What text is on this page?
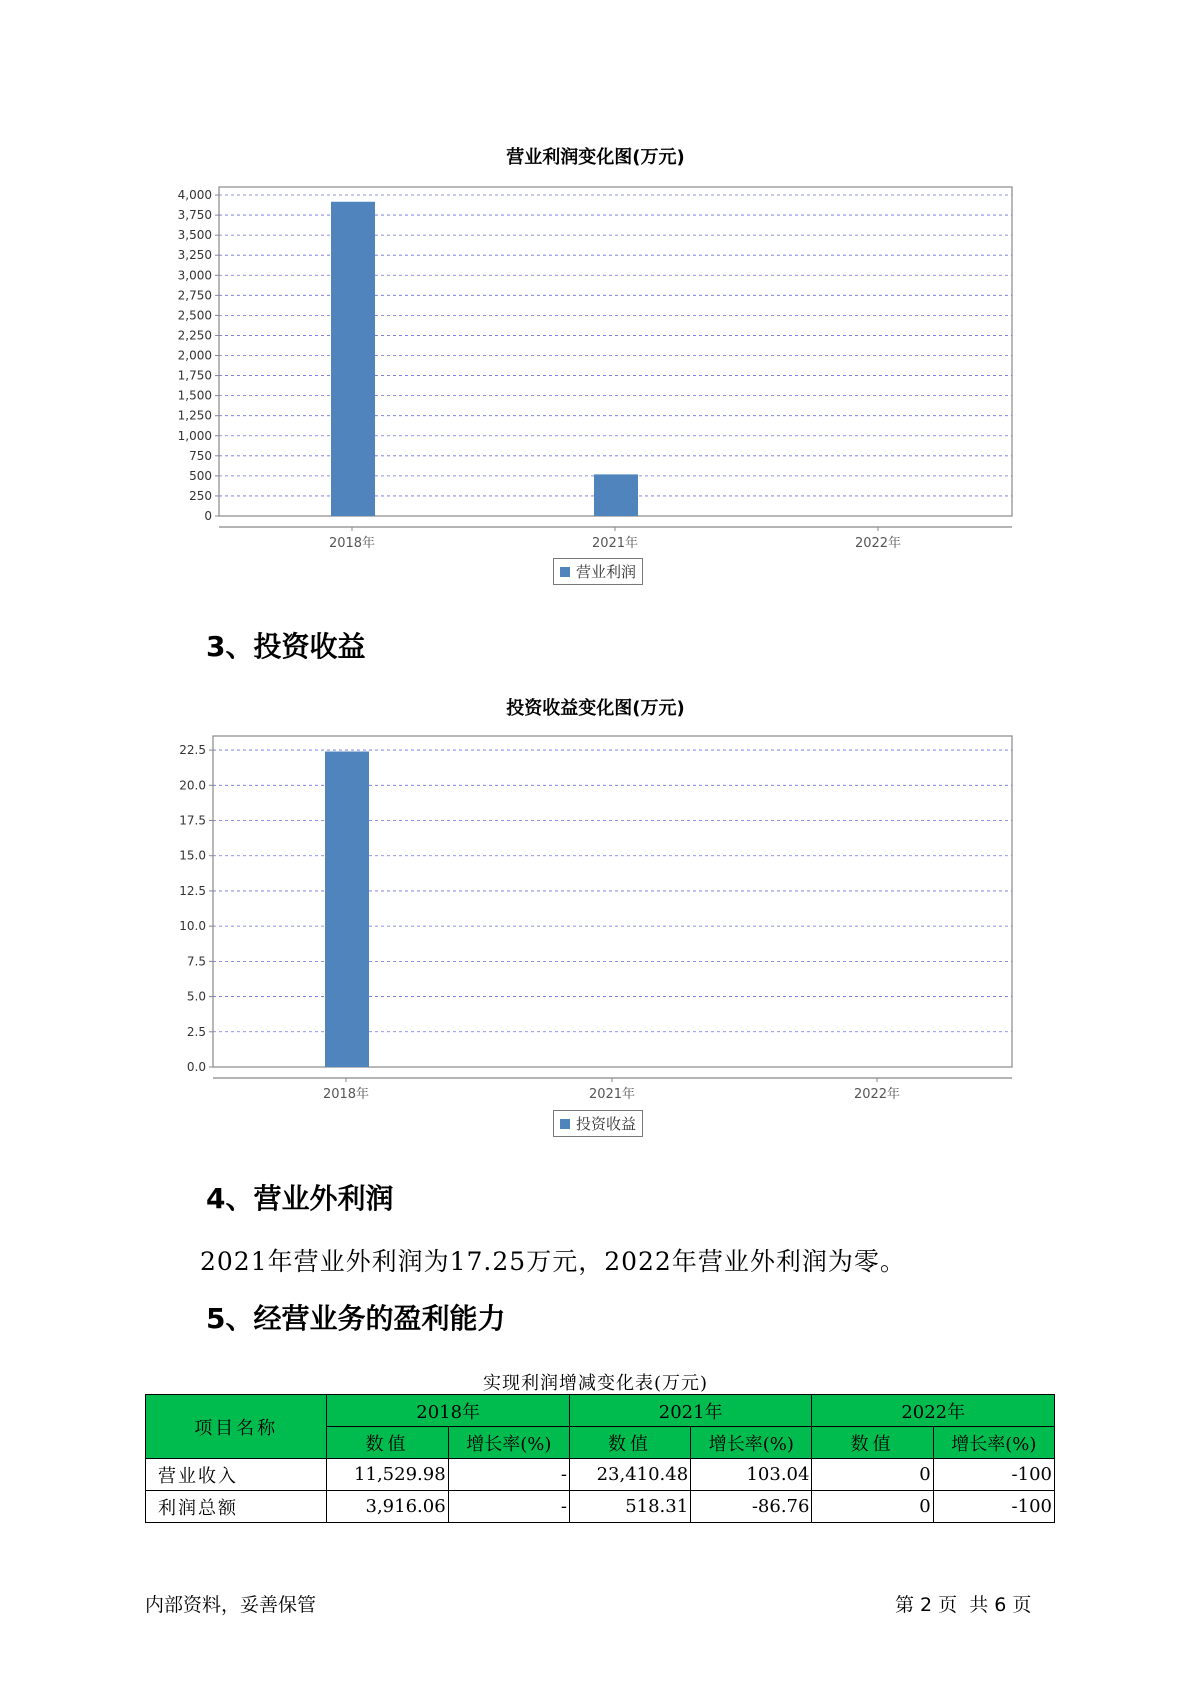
营业利润变化图(万元)
0
250
500
750
1,000
1,250
1,500
1,750
2,000
2,250
2,500
2,750
3,000
3,250
3,500
3,750
4,000
2018年	2021年	2022年
营业利润
3、投资收益
投资收益变化图(万元)
0.0
2.5
5.0
7.5
10.0
12.5
15.0
17.5
20.0
22.5
2018年	2021年	2022年
投资收益
4、营业外利润
2021年营业外利润为17.25万元，2022年营业外利润为零。
5、经营业务的盈利能力
实现利润增减变化表(万元)
项目名称	2018年		2021年		2022年	
	数值	增长率(%)	数值	增长率(%)	数值	增长率(%)
营业收入	11,529.98	-	23,410.48	103.04	0	-100
利润总额	3,916.06	-	518.31	-86.76	0	-100
内部资料，妥善保管	第 2 页  共 6 页
